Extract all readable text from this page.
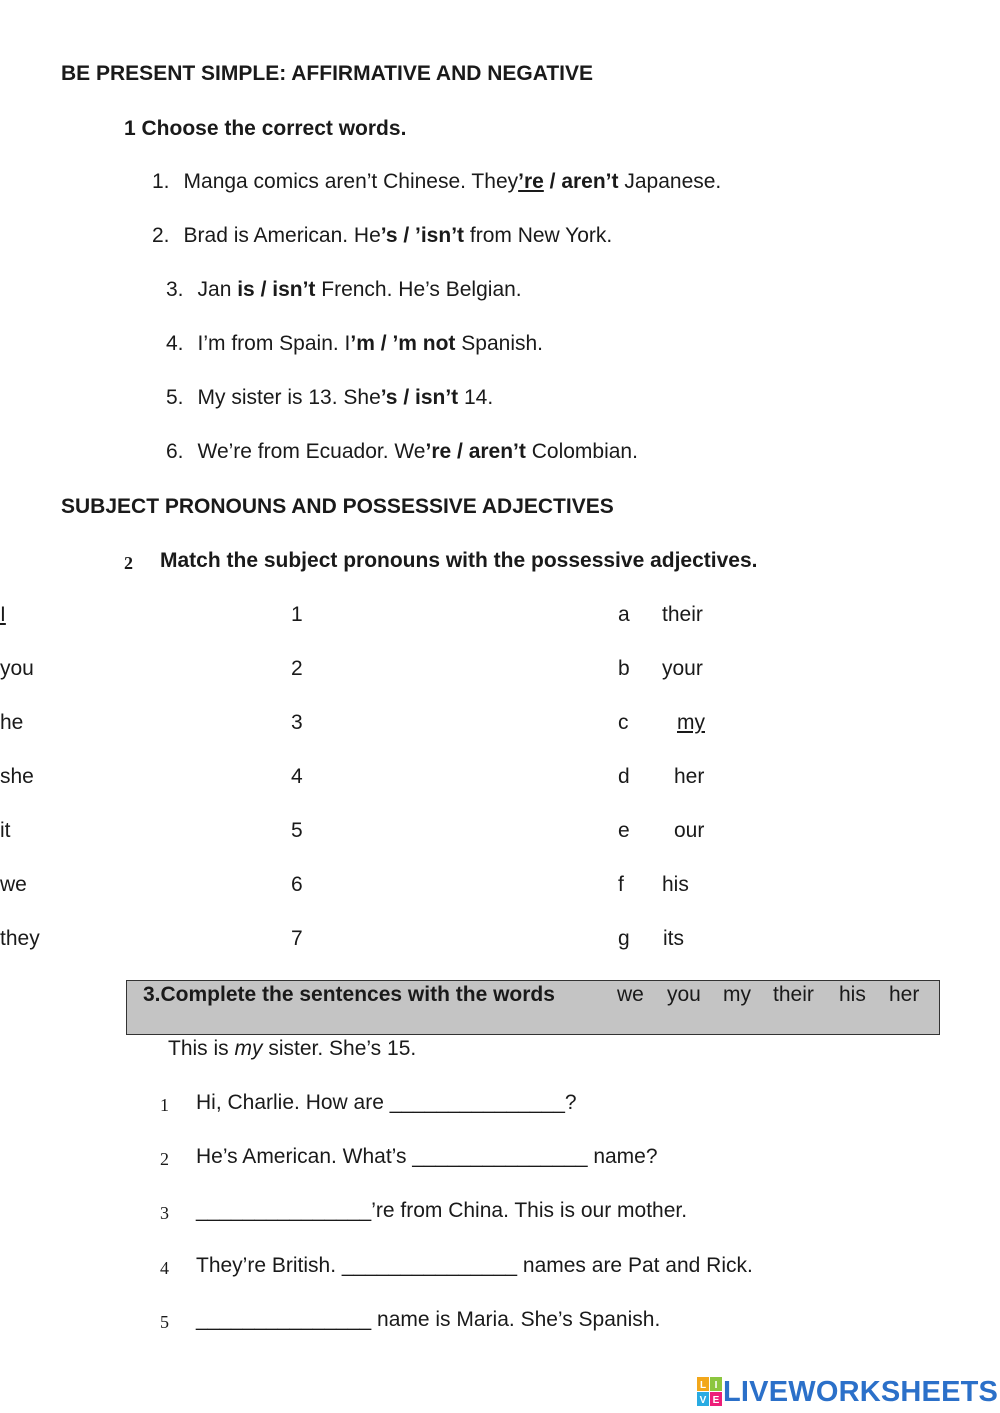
BE PRESENT SIMPLE: AFFIRMATIVE AND NEGATIVE
1 Choose the correct words.
1. Manga comics aren’t Chinese. They’re / aren’t Japanese.
2. Brad is American. He’s / ’isn’t from New York.
3. Jan is / isn’t French. He’s Belgian.
4. I’m from Spain. I’m / ’m not Spanish.
5. My sister is 13. She’s / isn’t 14.
6. We’re from Ecuador. We’re / aren’t Colombian.
SUBJECT PRONOUNS AND POSSESSIVE ADJECTIVES
2 Match the subject pronouns with the possessive adjectives.
1
I
2
you
3
he
4
she
5
it
6
we
7
they
a their
b your
c my
d her
e our
f his
g its
3.Complete the sentences with the words	we you my their his her
This is my sister. She’s 15.
1 Hi, Charlie. How are _______________?
2 He’s American. What’s _______________ name?
3 _______________’re from China. This is our mother.
4 They’re British. _______________ names are Pat and Rick.
5 _______________ name is Maria. She’s Spanish.
L I
V E LIVEWORKSHEETS
